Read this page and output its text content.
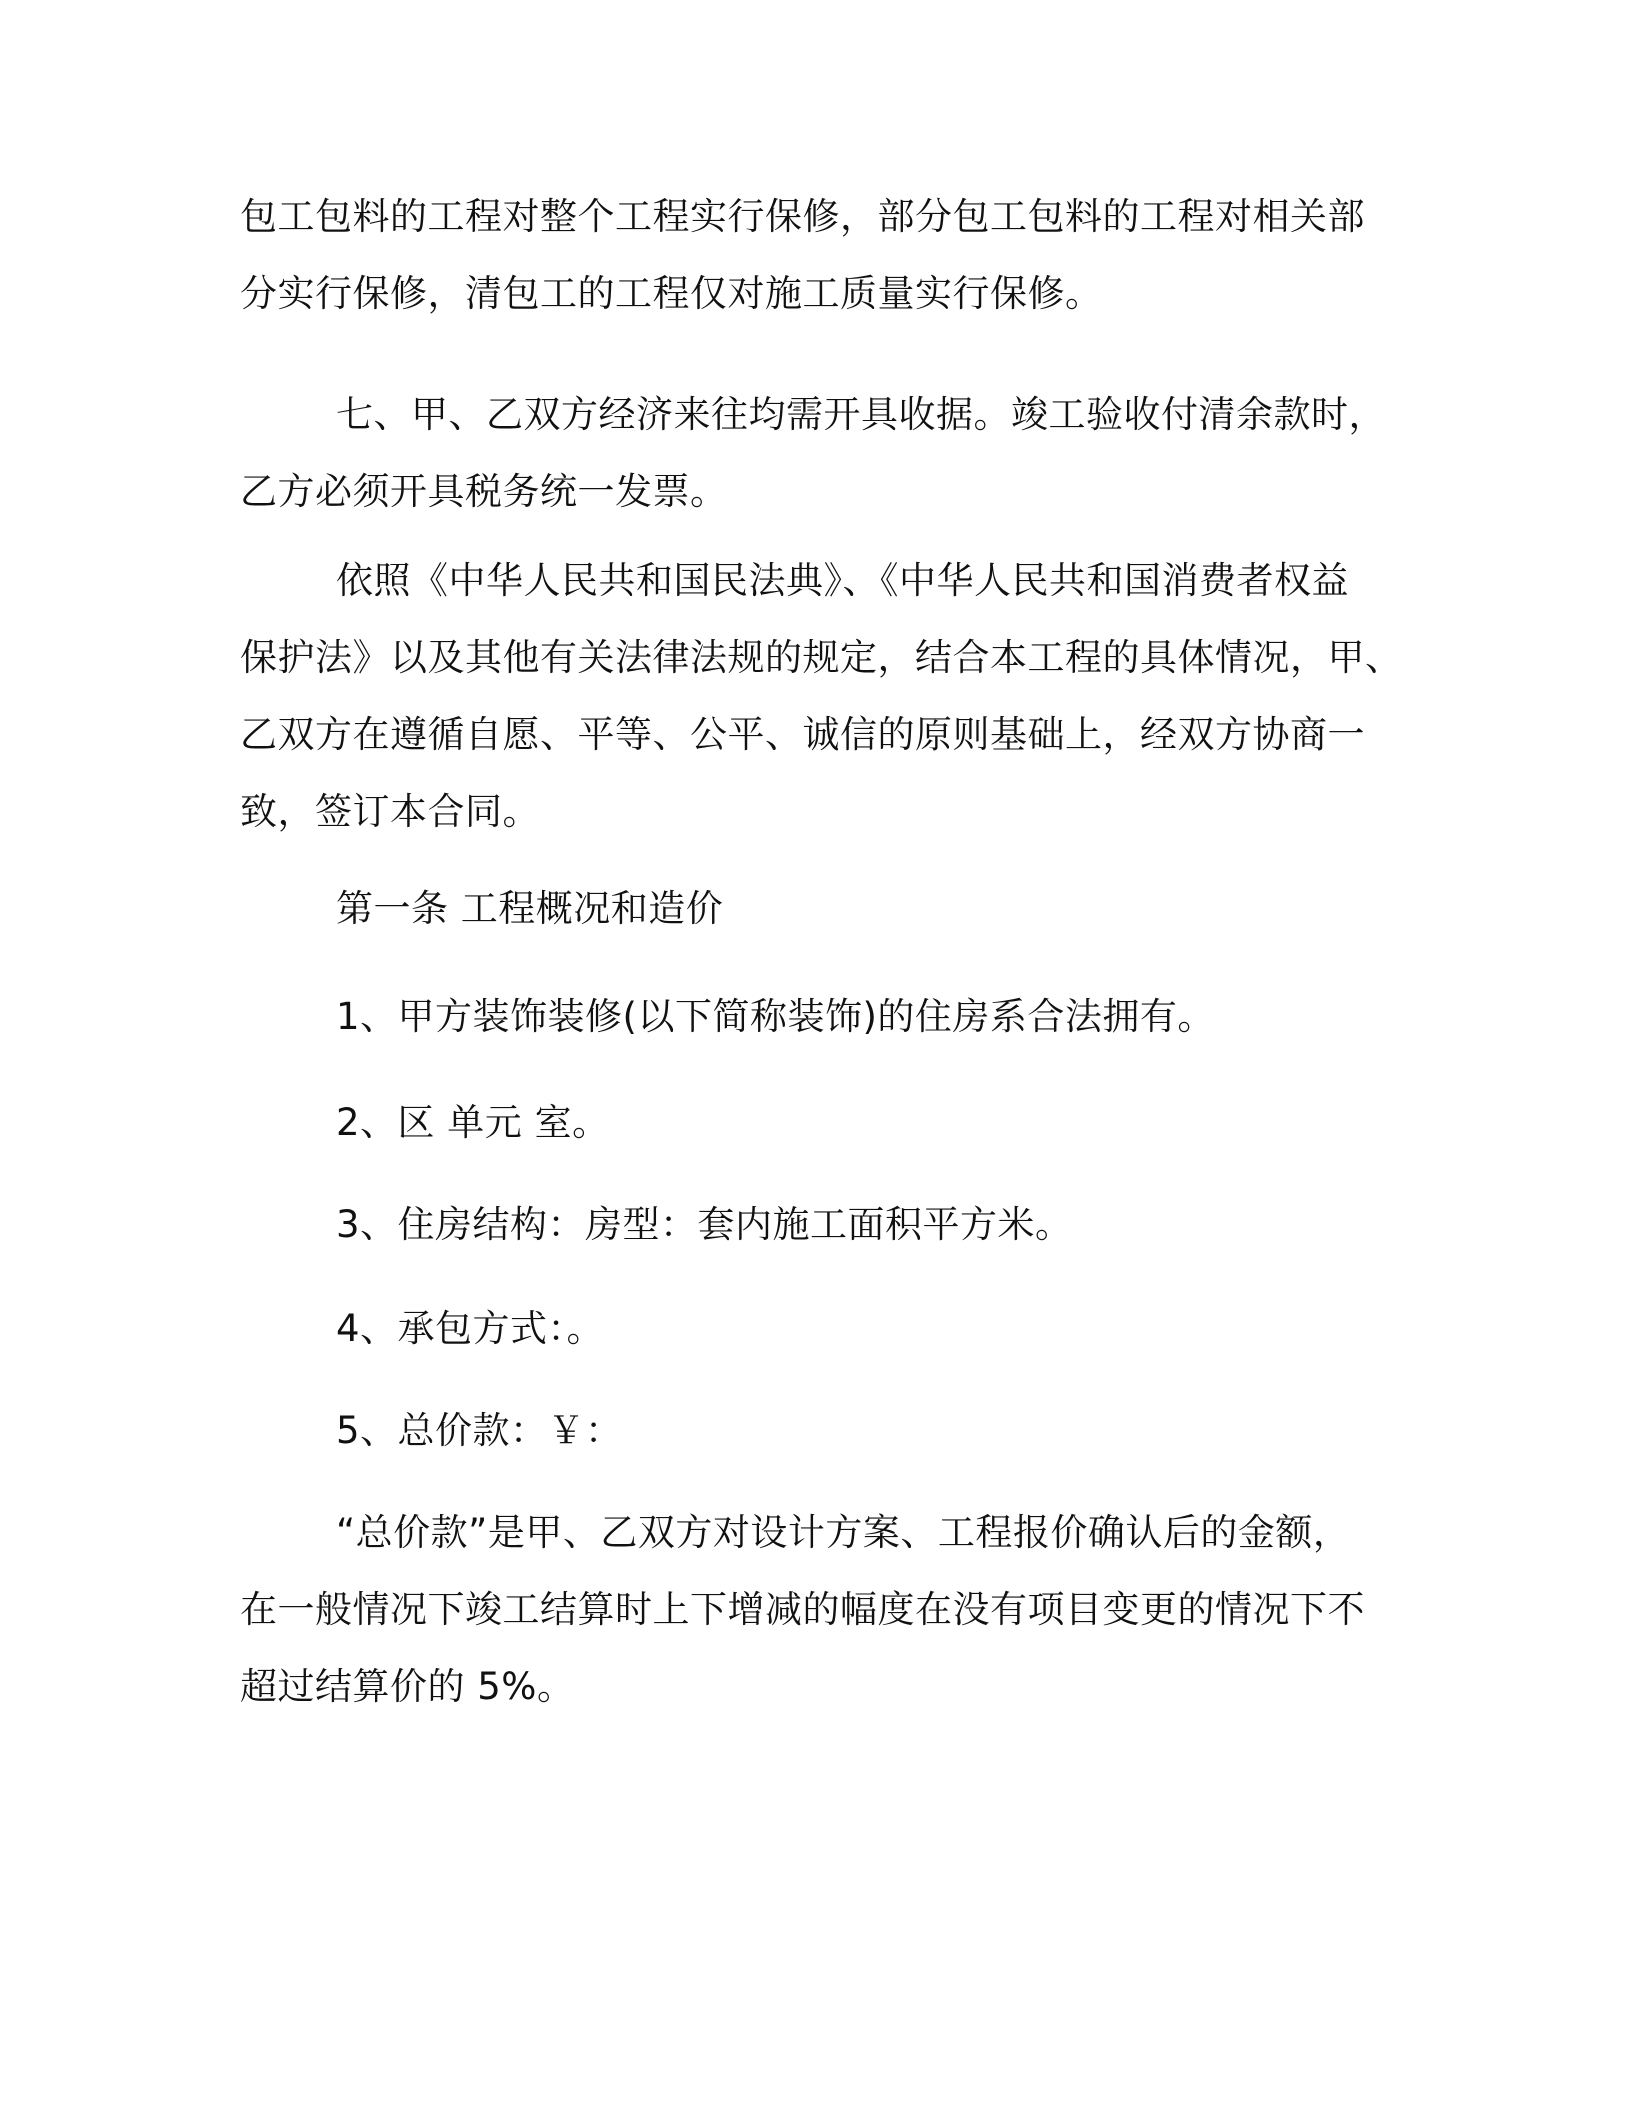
包工包料的工程对整个工程实行保修，部分包工包料的工程对相关部
分实行保修，清包工的工程仅对施工质量实行保修。

七、甲、乙双方经济来往均需开具收据。竣工验收付清余款时，
乙方必须开具税务统一发票。

依照《中华人民共和国民法典》、《中华人民共和国消费者权益
保护法》以及其他有关法律法规的规定，结合本工程的具体情况，甲、
乙双方在遵循自愿、平等、公平、诚信的原则基础上，经双方协商一
致，签订本合同。

第一条 工程概况和造价

1、甲方装饰装修(以下简称装饰)的住房系合法拥有。

2、区 单元 室。

3、住房结构：房型：套内施工面积平方米。

4、承包方式：。

5、总价款：￥：

“总价款”是甲、乙双方对设计方案、工程报价确认后的金额，
在一般情况下竣工结算时上下增减的幅度在没有项目变更的情况下不
超过结算价的 5%。
